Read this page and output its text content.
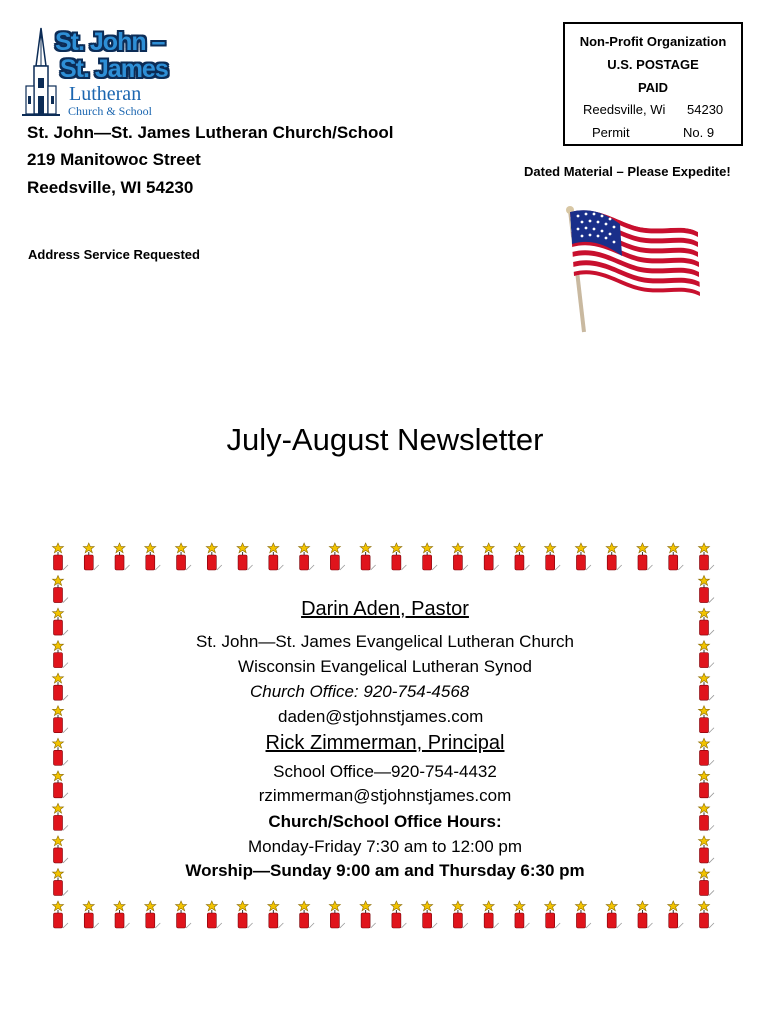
St. John –
St. James
Lutheran
Church & School
St. John—St. James Lutheran Church/School
219 Manitowoc Street
Reedsville, WI 54230
Address Service Requested
Non-Profit Organization
U.S. POSTAGE
PAID
Reedsville, Wi 54230
Permit	No. 9
Dated Material – Please Expedite!
July-August Newsletter
Darin Aden, Pastor
St. John—St. James Evangelical Lutheran Church
Wisconsin Evangelical Lutheran Synod
Church Office: 920-754-4568
daden@stjohnstjames.com
Rick Zimmerman, Principal
School Office—920-754-4432
rzimmerman@stjohnstjames.com
Church/School Office Hours:
Monday-Friday 7:30 am to 12:00 pm
Worship—Sunday 9:00 am and Thursday 6:30 pm
